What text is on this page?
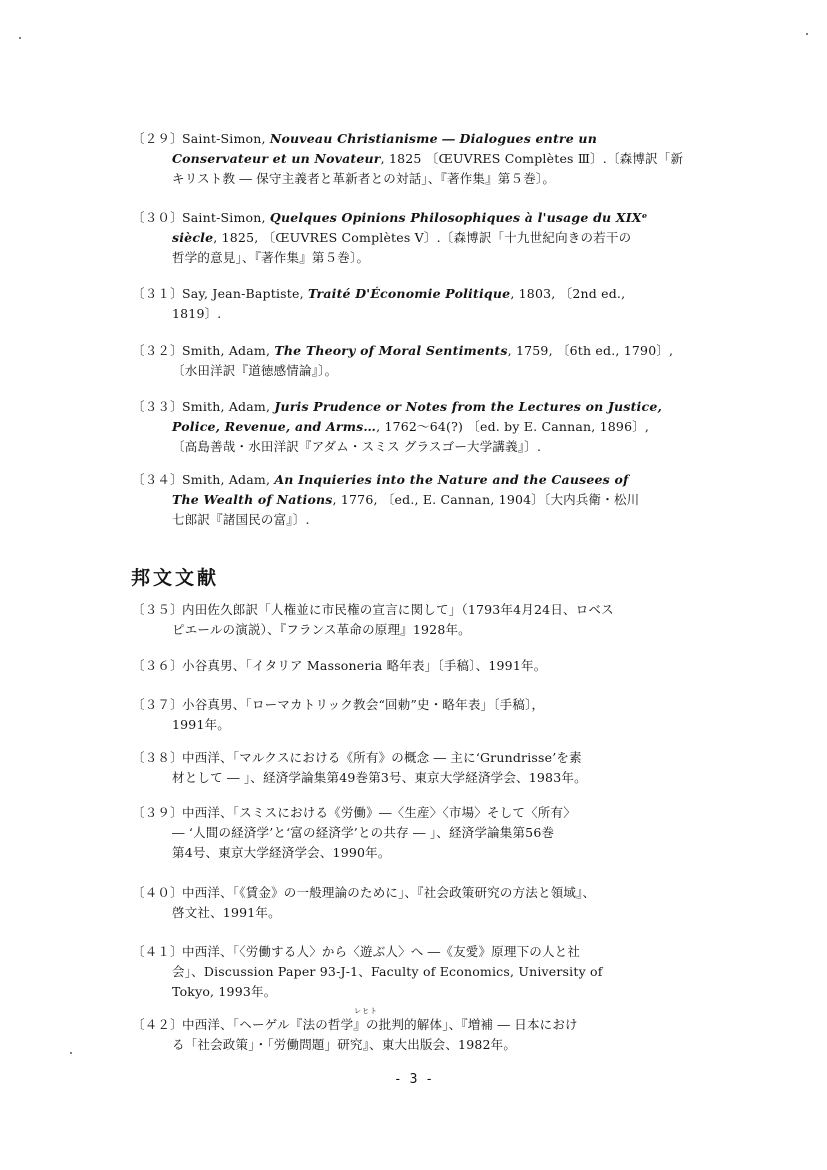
〔２９〕Saint-Simon, Nouveau Christianisme ― Dialogues entre un
Conservateur et un Novateur, 1825 〔ŒUVRES Complètes Ⅲ〕.〔森博訳「新
キリスト教 ― 保守主義者と革新者との対話」、『著作集』第５巻〕。
〔３０〕Saint-Simon, Quelques Opinions Philosophiques à l'usage du XIXᵉ
siècle, 1825, 〔ŒUVRES Complètes Ⅴ〕.〔森博訳「十九世紀向きの若干の
哲学的意見」、『著作集』第５巻〕。
〔３１〕Say, Jean-Baptiste, Traité D'Économie Politique, 1803, 〔2nd ed.,
1819〕.
〔３２〕Smith, Adam, The Theory of Moral Sentiments, 1759, 〔6th ed., 1790〕,
〔水田洋訳『道徳感情論』〕。
〔３３〕Smith, Adam, Juris Prudence or Notes from the Lectures on Justice,
Police, Revenue, and Arms…, 1762～64(?) 〔ed. by E. Cannan, 1896〕,
〔高島善哉・水田洋訳『アダム・スミス グラスゴー大学講義』〕.
〔３４〕Smith, Adam, An Inquieries into the Nature and the Causees of
The Wealth of Nations, 1776, 〔ed., E. Cannan, 1904〕〔大内兵衛・松川
七郎訳『諸国民の富』〕.
〔３５〕内田佐久郎訳「人権並に市民権の宣言に関して」（1793年4月24日、ロベス
ピエールの演説）、『フランス革命の原理』1928年。
〔３６〕小谷真男、「イタリア Massoneria 略年表」〔手稿〕、1991年。
〔３７〕小谷真男、「ローマカトリック教会“回勅”史・略年表」〔手稿〕，
1991年。
〔３８〕中西洋、「マルクスにおける《所有》の概念 ― 主に‘Grundrisse’を素
材として ― 」、経済学論集第49巻第3号、東京大学経済学会、1983年。
〔３９〕中西洋、「スミスにおける《労働》―〈生産〉〈市場〉そして〈所有〉
― ‘人間の経済学’と‘富の経済学’との共存 ― 」、経済学論集第56巻
第4号、東京大学経済学会、1990年。
〔４０〕中西洋、「《賃金》の一般理論のために」、『社会政策研究の方法と領域』、
啓文社、1991年。
〔４１〕中西洋、「〈労働する人〉から〈遊ぶ人〉へ ―《友愛》原理下の人と社
会」、Discussion Paper 93-J-1、Faculty of Economics, University of
Tokyo, 1993年。
〔４２〕中西洋、「ヘーゲル『法の哲学』の批判的解体」、『増補 ― 日本におけ
る「社会政策」・「労働問題」研究』、東大出版会、1982年。
邦文文献
レヒト
- 3 -
